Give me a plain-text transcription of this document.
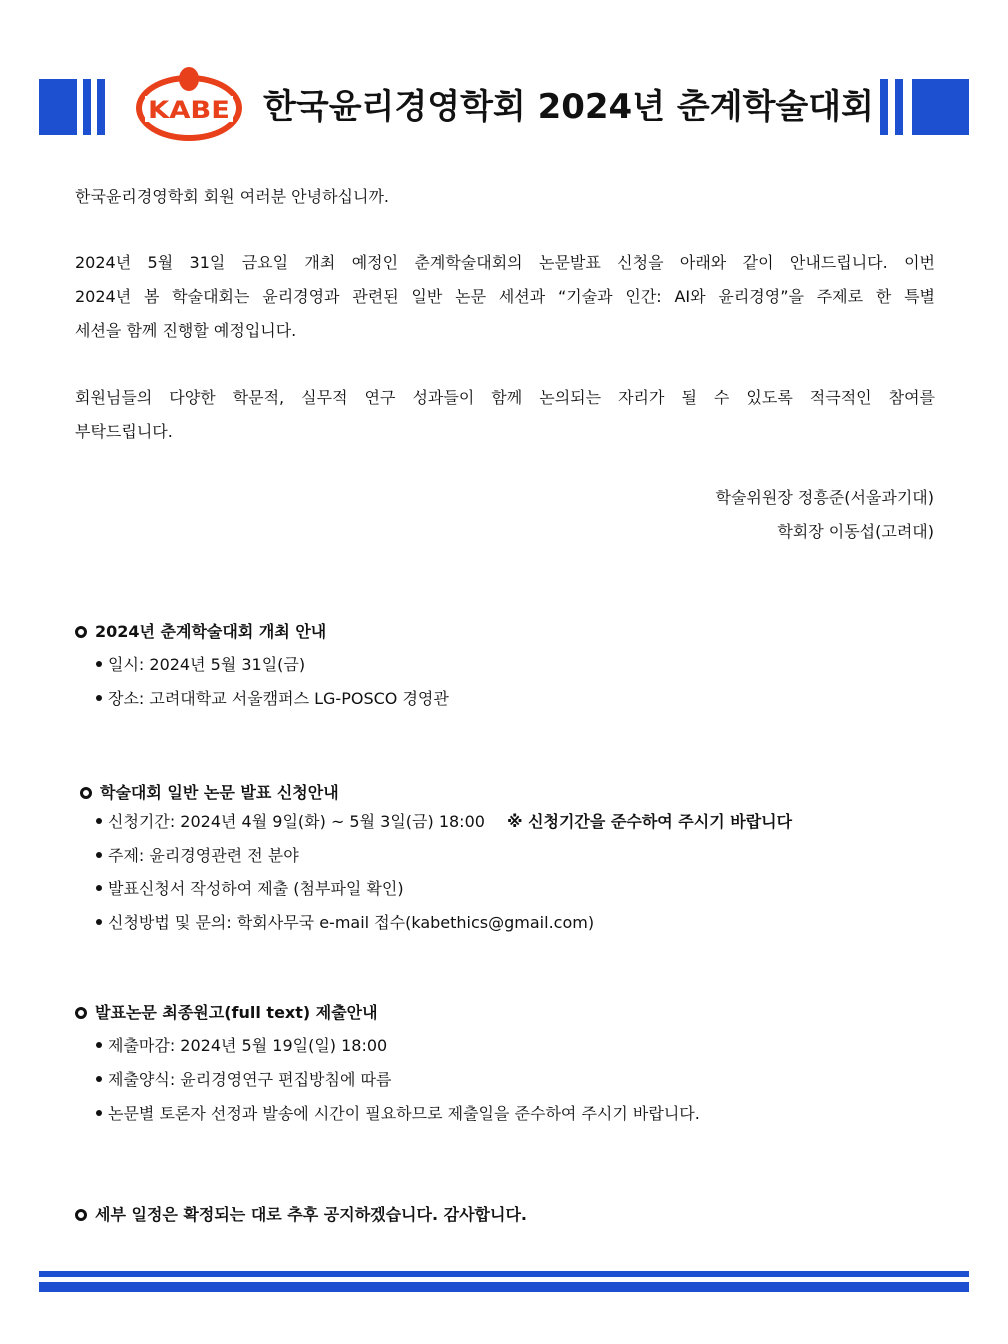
KABE 한국윤리경영학회 2024년 춘계학술대회
한국윤리경영학회 회원 여러분 안녕하십니까.
2024년 5월 31일 금요일 개최 예정인 춘계학술대회의 논문발표 신청을 아래와 같이 안내드립니다. 이번
2024년 봄 학술대회는 윤리경영과 관련된 일반 논문 세션과 “기술과 인간: AI와 윤리경영”을 주제로 한 특별
세션을 함께 진행할 예정입니다.
회원님들의 다양한 학문적, 실무적 연구 성과들이 함께 논의되는 자리가 될 수 있도록 적극적인 참여를
부탁드립니다.
학술위원장 정흥준(서울과기대)
학회장 이동섭(고려대)
2024년 춘계학술대회 개최 안내
일시: 2024년 5월 31일(금)
장소: 고려대학교 서울캠퍼스 LG-POSCO 경영관
학술대회 일반 논문 발표 신청안내
신청기간: 2024년 4월 9일(화) ~ 5월 3일(금) 18:00 ※ 신청기간을 준수하여 주시기 바랍니다
주제: 윤리경영관련 전 분야
발표신청서 작성하여 제출 (첨부파일 확인)
신청방법 및 문의: 학회사무국 e-mail 접수(kabethics@gmail.com)
발표논문 최종원고(full text) 제출안내
제출마감: 2024년 5월 19일(일) 18:00
제출양식: 윤리경영연구 편집방침에 따름
논문별 토론자 선정과 발송에 시간이 필요하므로 제출일을 준수하여 주시기 바랍니다.
세부 일정은 확정되는 대로 추후 공지하겠습니다. 감사합니다.
